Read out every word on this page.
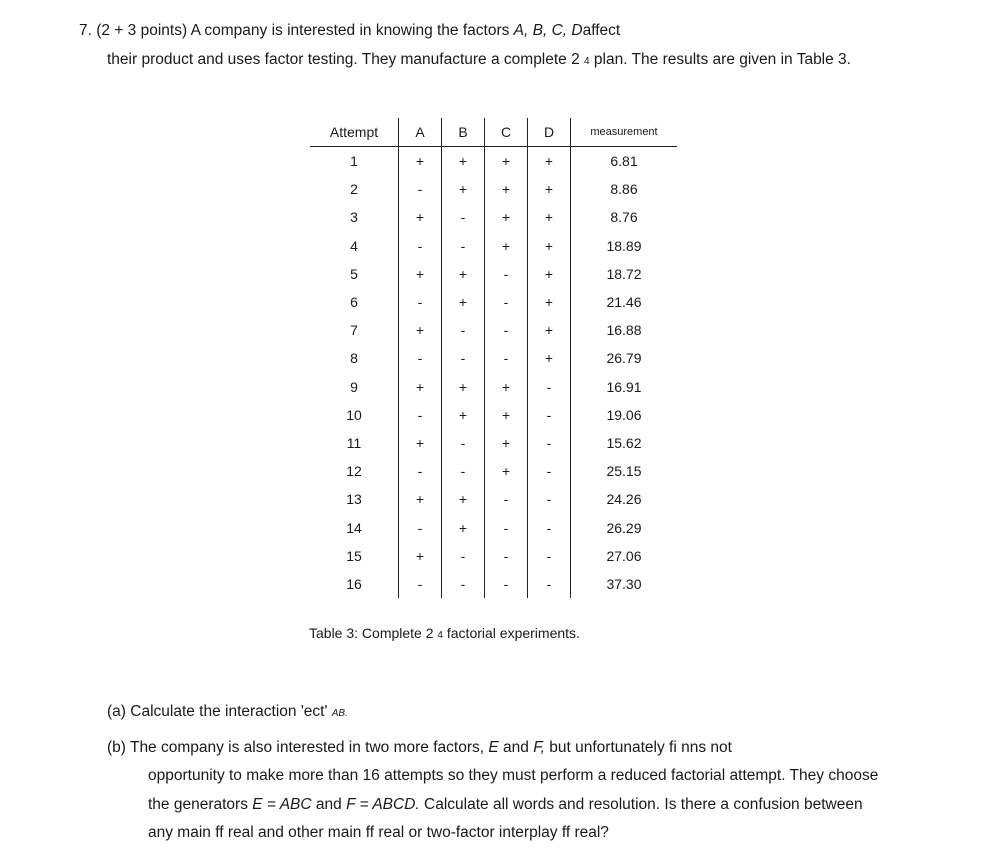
7. (2 + 3 points) A company is interested in knowing the factors A, B, C, Daffect
their product and uses factor testing. They manufacture a complete 2 4 plan. The results are given in Table 3.
Attempt	A	B	C	D	measurement
1	+	+	+	+	6.81
2	-	+	+	+	8.86
3	+	-	+	+	8.76
4	-	-	+	+	18.89
5	+	+	-	+	18.72
6	-	+	-	+	21.46
7	+	-	-	+	16.88
8	-	-	-	+	26.79
9	+	+	+	-	16.91
10	-	+	+	-	19.06
11	+	-	+	-	15.62
12	-	-	+	-	25.15
13	+	+	-	-	24.26
14	-	+	-	-	26.29
15	+	-	-	-	27.06
16	-	-	-	-	37.30
Table 3: Complete 2 4 factorial experiments.
(a) Calculate the interaction 'ect' AB.
(b) The company is also interested in two more factors, E and F, but unfortunately fi nns not
opportunity to make more than 16 attempts so they must perform a reduced factorial attempt. They choose
the generators E = ABC and F = ABCD. Calculate all words and resolution. Is there a confusion between
any main ff real and other main ff real or two-factor interplay ff real?
